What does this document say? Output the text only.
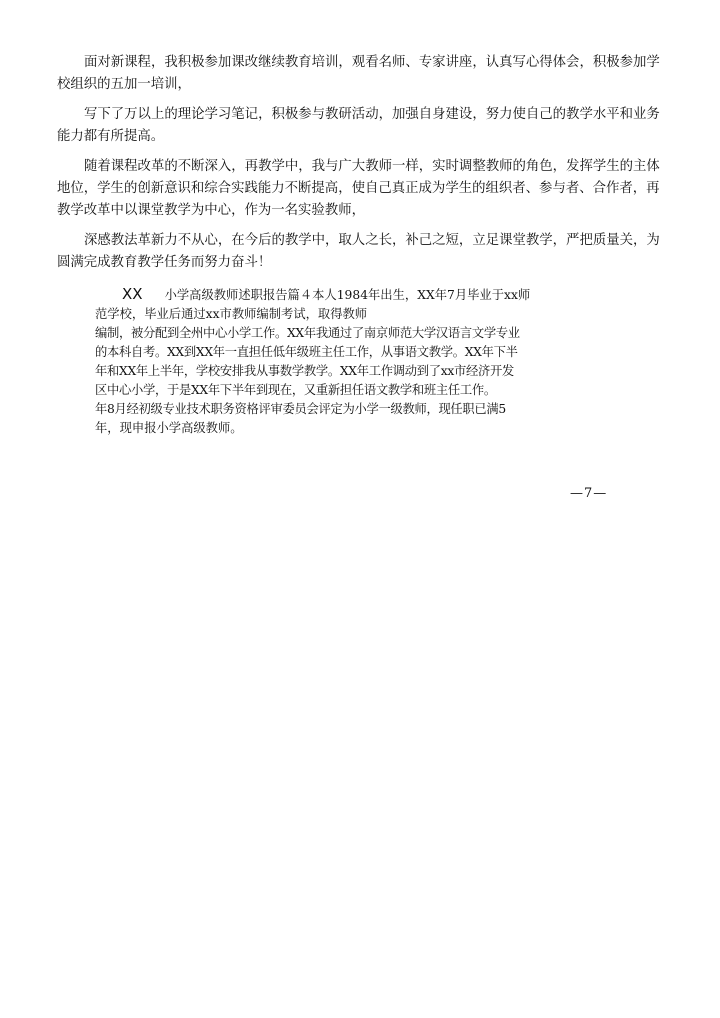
面对新课程，我积极参加课改继续教育培训，观看名师、专家讲座，认真写心得体会，积极参加学
校组织的五加一培训，
写下了万以上的理论学习笔记，积极参与教研活动，加强自身建设，努力使自己的教学水平和业务
能力都有所提高。
随着课程改革的不断深入，再教学中，我与广大教师一样，实时调整教师的角色，发挥学生的主体
地位，学生的创新意识和综合实践能力不断提高，使自己真正成为学生的组织者、参与者、合作者，再
教学改革中以课堂教学为中心，作为一名实验教师，
深感教法革新力不从心，在今后的教学中，取人之长，补己之短，立足课堂教学，严把质量关，为
圆满完成教育教学任务而努力奋斗！
XX 小学高级教师述职报告篇４本人1984年出生，XX年7月毕业于xx师
范学校，毕业后通过xx市教师编制考试，取得教师
编制，被分配到全州中心小学工作。XX年我通过了南京师范大学汉语言文学专业
的本科自考。XX到XX年一直担任低年级班主任工作，从事语文教学。XX年下半
年和XX年上半年，学校安排我从事数学教学。XX年工作调动到了xx市经济开发
区中心小学，于是XX年下半年到现在，又重新担任语文教学和班主任工作。
年8月经初级专业技术职务资格评审委员会评定为小学一级教师，现任职已满5
年，现申报小学高级教师。
—7—
